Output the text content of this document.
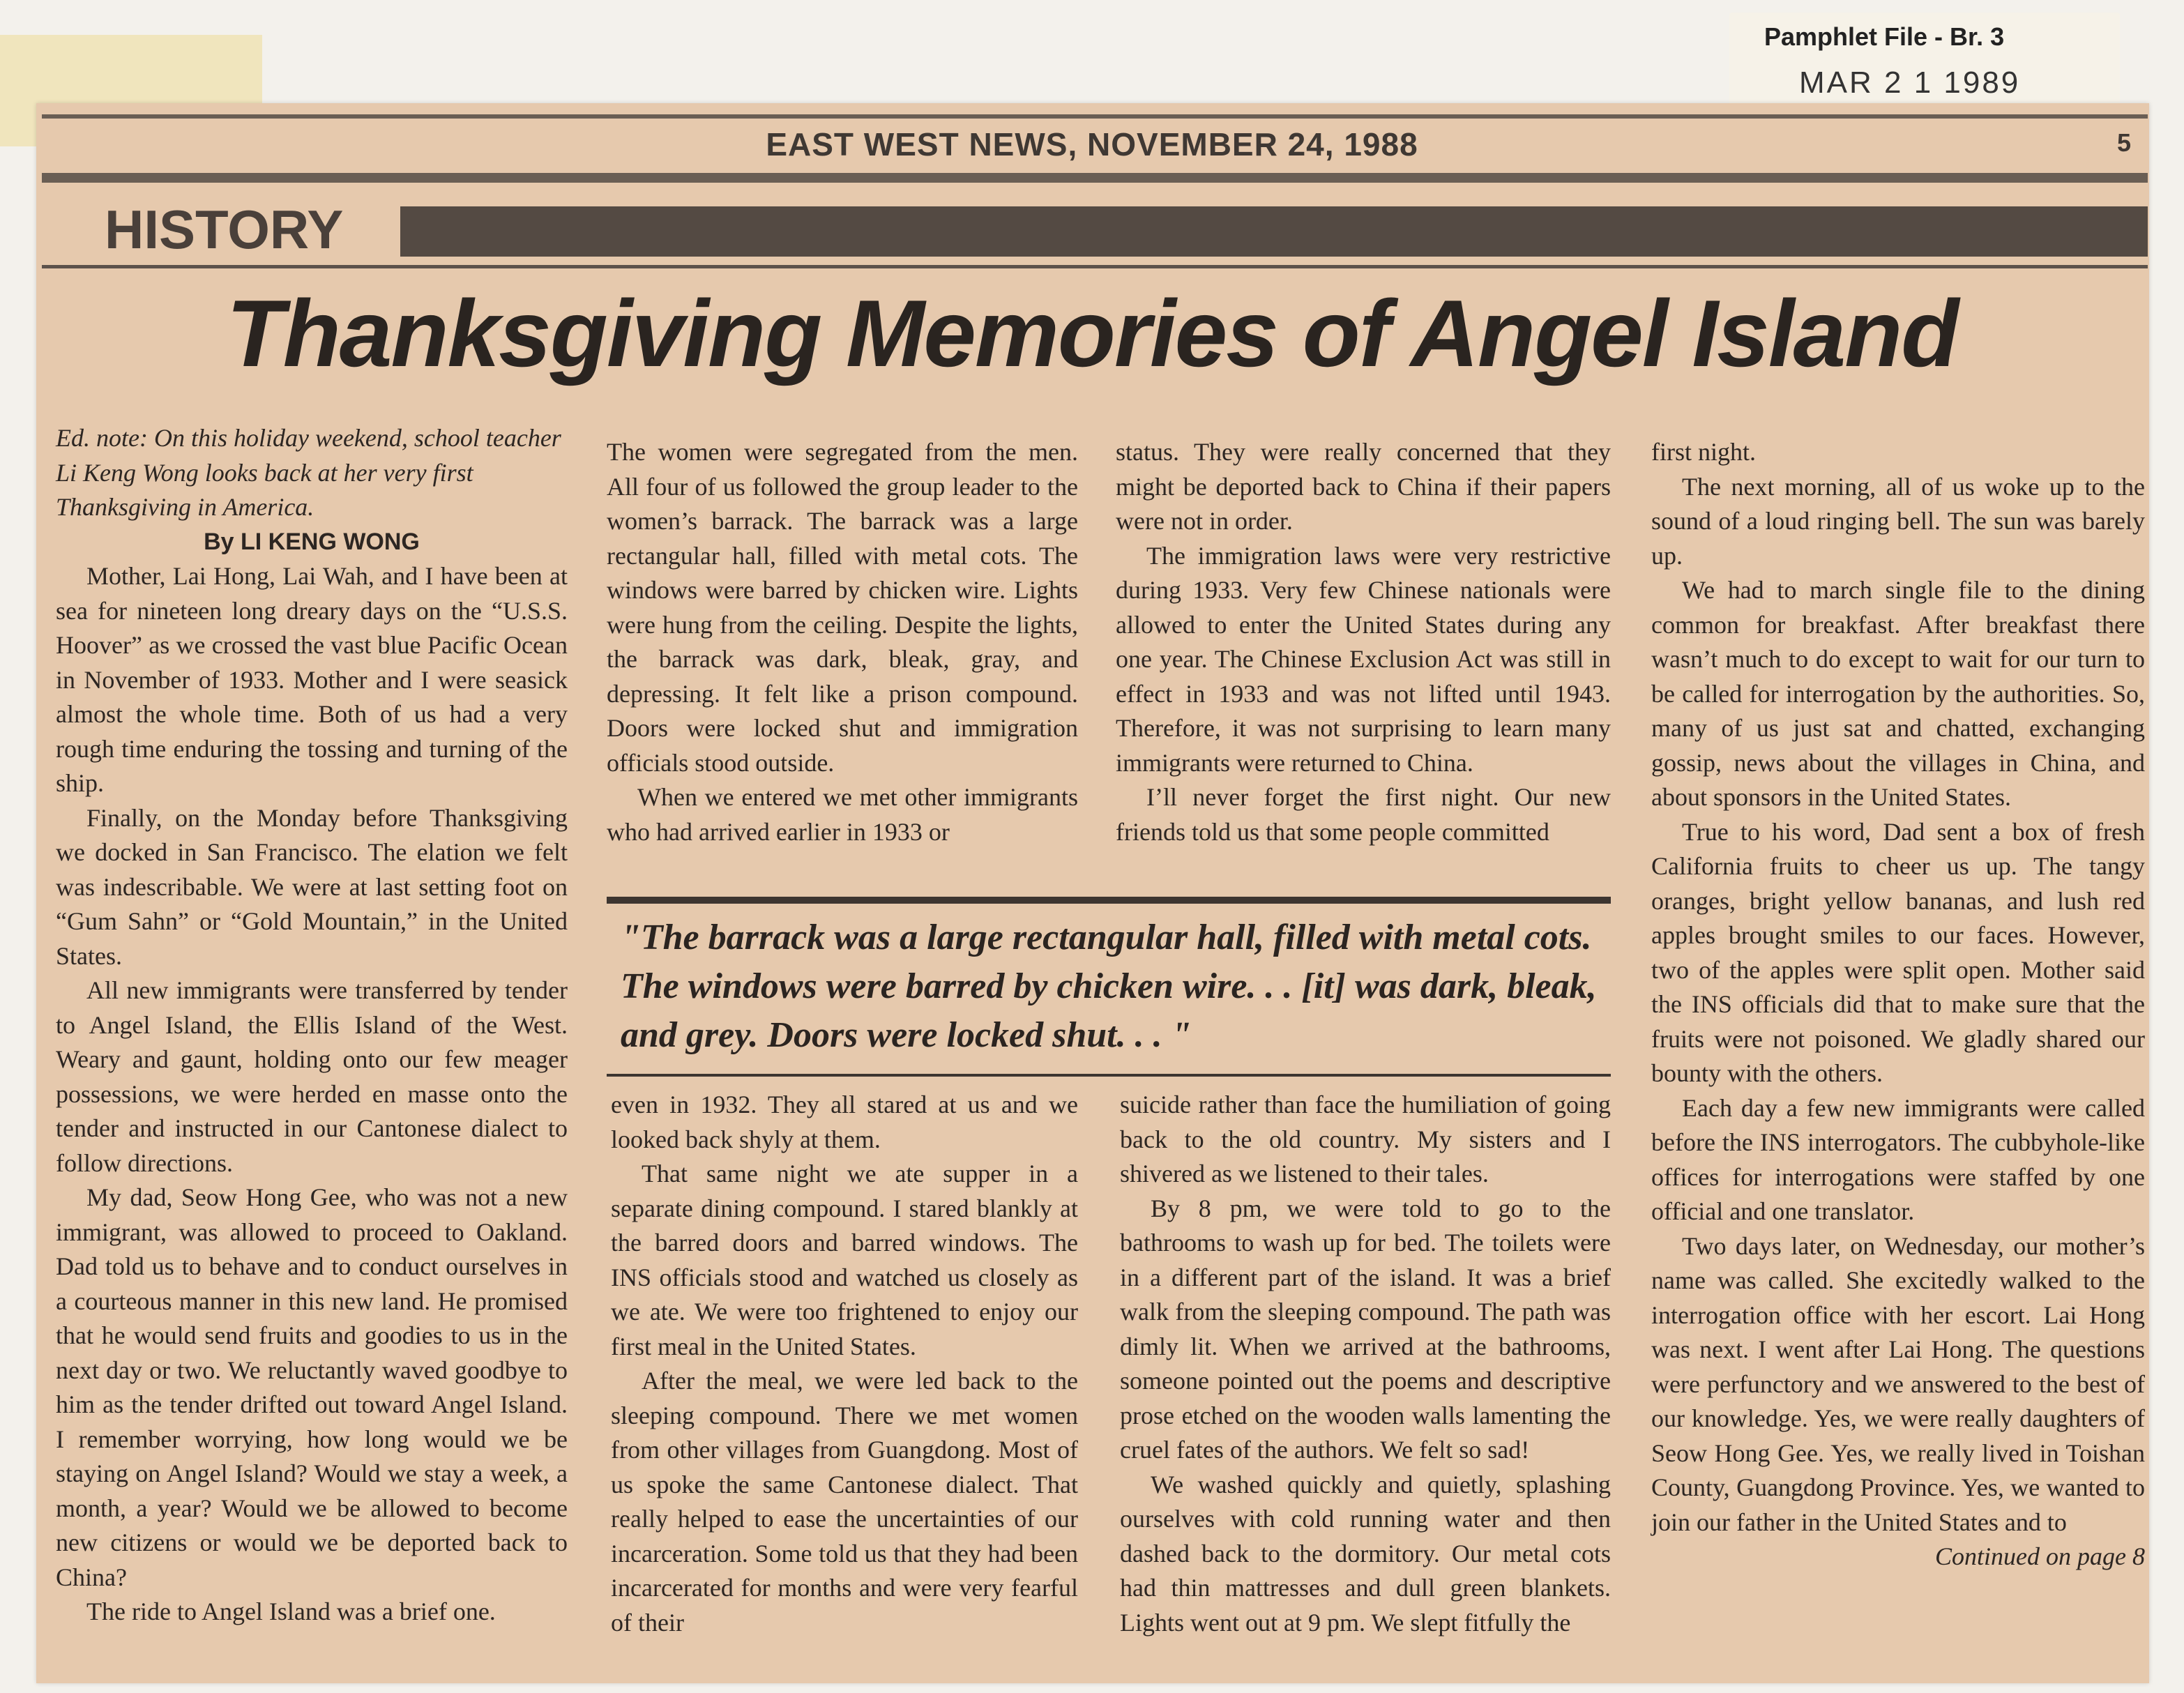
Pamphlet File - Br. 3
MAR 2 1 1989
EAST WEST NEWS, NOVEMBER 24, 1988	5
HISTORY
Thanksgiving Memories of Angel Island

Ed. note: On this holiday weekend, school teacher Li Keng Wong looks back at her very first Thanksgiving in America.

By LI KENG WONG

Mother, Lai Hong, Lai Wah, and I have been at sea for nineteen long dreary days on the “U.S.S. Hoover” as we crossed the vast blue Pacific Ocean in November of 1933. Mother and I were seasick almost the whole time. Both of us had a very rough time enduring the tossing and turning of the ship.

Finally, on the Monday before Thanksgiving we docked in San Francisco. The elation we felt was indescribable. We were at last setting foot on “Gum Sahn” or “Gold Mountain,” in the United States.

All new immigrants were transferred by tender to Angel Island, the Ellis Island of the West. Weary and gaunt, holding onto our few meager possessions, we were herded en masse onto the tender and instructed in our Cantonese dialect to follow directions.

My dad, Seow Hong Gee, who was not a new immigrant, was allowed to proceed to Oakland. Dad told us to behave and to conduct ourselves in a courteous manner in this new land. He promised that he would send fruits and goodies to us in the next day or two. We reluctantly waved goodbye to him as the tender drifted out toward Angel Island. I remember worrying, how long would we be staying on Angel Island? Would we stay a week, a month, a year? Would we be allowed to become new citizens or would we be deported back to China?

The ride to Angel Island was a brief one.

The women were segregated from the men. All four of us followed the group leader to the women’s barrack. The barrack was a large rectangular hall, filled with metal cots. The windows were barred by chicken wire. Lights were hung from the ceiling. Despite the lights, the barrack was dark, bleak, gray, and depressing. It felt like a prison compound. Doors were locked shut and immigration officials stood outside.

When we entered we met other immigrants who had arrived earlier in 1933 or

status. They were really concerned that they might be deported back to China if their papers were not in order.

The immigration laws were very restrictive during 1933. Very few Chinese nationals were allowed to enter the United States during any one year. The Chinese Exclusion Act was still in effect in 1933 and was not lifted until 1943. Therefore, it was not surprising to learn many immigrants were returned to China.

I’ll never forget the first night. Our new friends told us that some people committed

"The barrack was a large rectangular hall, filled with metal cots. The windows were barred by chicken wire. . . [it] was dark, bleak, and grey. Doors were locked shut. . . "

even in 1932. They all stared at us and we looked back shyly at them.

That same night we ate supper in a separate dining compound. I stared blankly at the barred doors and barred windows. The INS officials stood and watched us closely as we ate. We were too frightened to enjoy our first meal in the United States.

After the meal, we were led back to the sleeping compound. There we met women from other villages from Guangdong. Most of us spoke the same Cantonese dialect. That really helped to ease the uncertainties of our incarceration. Some told us that they had been incarcerated for months and were very fearful of their

suicide rather than face the humiliation of going back to the old country. My sisters and I shivered as we listened to their tales.

By 8 pm, we were told to go to the bathrooms to wash up for bed. The toilets were in a different part of the island. It was a brief walk from the sleeping compound. The path was dimly lit. When we arrived at the bathrooms, someone pointed out the poems and descriptive prose etched on the wooden walls lamenting the cruel fates of the authors. We felt so sad!

We washed quickly and quietly, splashing ourselves with cold running water and then dashed back to the dormitory. Our metal cots had thin mattresses and dull green blankets. Lights went out at 9 pm. We slept fitfully the

first night.

The next morning, all of us woke up to the sound of a loud ringing bell. The sun was barely up.

We had to march single file to the dining common for breakfast. After breakfast there wasn’t much to do except to wait for our turn to be called for interrogation by the authorities. So, many of us just sat and chatted, exchanging gossip, news about the villages in China, and about sponsors in the United States.

True to his word, Dad sent a box of fresh California fruits to cheer us up. The tangy oranges, bright yellow bananas, and lush red apples brought smiles to our faces. However, two of the apples were split open. Mother said the INS officials did that to make sure that the fruits were not poisoned. We gladly shared our bounty with the others.

Each day a few new immigrants were called before the INS interrogators. The cubbyhole-like offices for interrogations were staffed by one official and one translator.

Two days later, on Wednesday, our mother’s name was called. She excitedly walked to the interrogation office with her escort. Lai Hong was next. I went after Lai Hong. The questions were perfunctory and we answered to the best of our knowledge. Yes, we were really daughters of Seow Hong Gee. Yes, we really lived in Toishan County, Guangdong Province. Yes, we wanted to join our father in the United States and to

Continued on page 8
